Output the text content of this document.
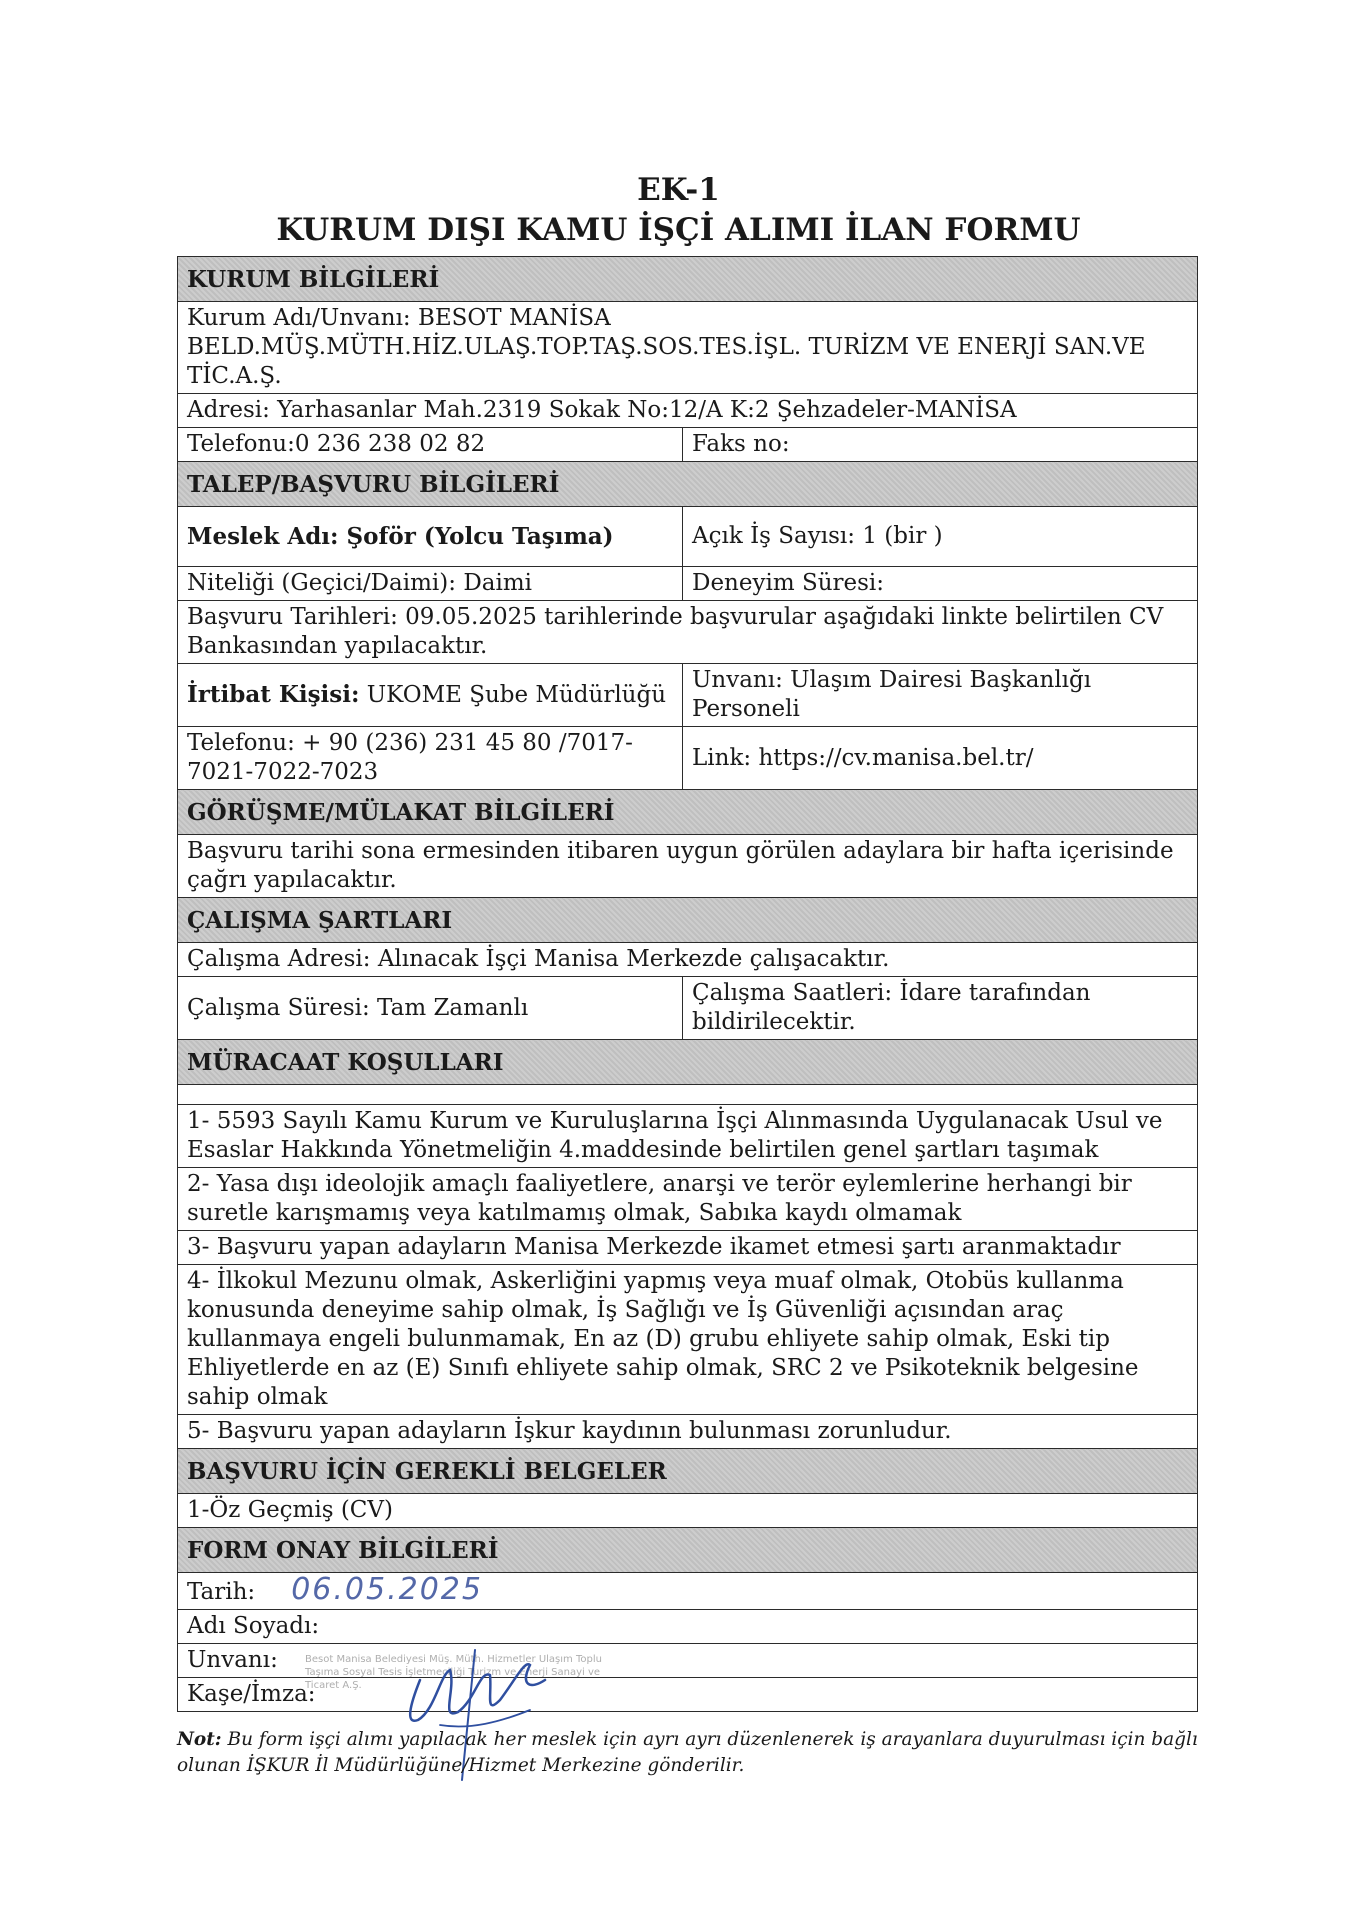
EK-1
KURUM DIŞI KAMU İŞÇİ ALIMI İLAN FORMU
KURUM BİLGİLERİ	
Kurum Adı/Unvanı: BESOT MANİSA BELD.MÜŞ.MÜTH.HİZ.ULAŞ.TOP.TAŞ.SOS.TES.İŞL. TURİZM VE ENERJİ SAN.VE TİC.A.Ş.	
Adresi: Yarhasanlar Mah.2319 Sokak No:12/A K:2 Şehzadeler-MANİSA	
Telefonu:0 236 238 02 82	Faks no:
TALEP/BAŞVURU BİLGİLERİ	
Meslek Adı: Şoför (Yolcu Taşıma)	Açık İş Sayısı: 1 (bir )
Niteliği (Geçici/Daimi): Daimi	Deneyim Süresi:
Başvuru Tarihleri: 09.05.2025 tarihlerinde başvurular aşağıdaki linkte belirtilen CV Bankasından yapılacaktır.	
İrtibat Kişisi: UKOME Şube Müdürlüğü	Unvanı: Ulaşım Dairesi Başkanlığı Personeli
Telefonu: + 90 (236) 231 45 80 /7017-7021-7022-7023	Link: https://cv.manisa.bel.tr/
GÖRÜŞME/MÜLAKAT BİLGİLERİ	
Başvuru tarihi sona ermesinden itibaren uygun görülen adaylara bir hafta içerisinde çağrı yapılacaktır.	
ÇALIŞMA ŞARTLARI	
Çalışma Adresi: Alınacak İşçi Manisa Merkezde çalışacaktır.	
Çalışma Süresi: Tam Zamanlı	Çalışma Saatleri: İdare tarafından bildirilecektir.
MÜRACAAT KOŞULLARI	

1- 5593 Sayılı Kamu Kurum ve Kuruluşlarına İşçi Alınmasında Uygulanacak Usul ve Esaslar Hakkında Yönetmeliğin 4.maddesinde belirtilen genel şartları taşımak	
2- Yasa dışı ideolojik amaçlı faaliyetlere, anarşi ve terör eylemlerine herhangi bir suretle karışmamış veya katılmamış olmak, Sabıka kaydı olmamak	
3- Başvuru yapan adayların Manisa Merkezde ikamet etmesi şartı aranmaktadır	
4- İlkokul Mezunu olmak, Askerliğini yapmış veya muaf olmak, Otobüs kullanma konusunda deneyime sahip olmak, İş Sağlığı ve İş Güvenliği açısından araç kullanmaya engeli bulunmamak, En az (D) grubu ehliyete sahip olmak, Eski tip Ehliyetlerde en az (E) Sınıfı ehliyete sahip olmak, SRC 2 ve Psikoteknik belgesine sahip olmak	
5- Başvuru yapan adayların İşkur kaydının bulunması zorunludur.	
BAŞVURU İÇİN GEREKLİ BELGELER	
1-Öz Geçmiş (CV)	
FORM ONAY BİLGİLERİ	
Tarih: 06.05.2025	
Adı Soyadı:	
Unvanı:	
Kaşe/İmza:	
Besot Manisa Belediyesi Müş. Müth. Hizmetler Ulaşım Toplu Taşıma Sosyal Tesis İşletmeciliği Turizm ve Enerji Sanayi ve Ticaret A.Ş.
Not: Bu form işçi alımı yapılacak her meslek için ayrı ayrı düzenlenerek iş arayanlara duyurulması için bağlı olunan İŞKUR İl Müdürlüğüne/Hizmet Merkezine gönderilir.
